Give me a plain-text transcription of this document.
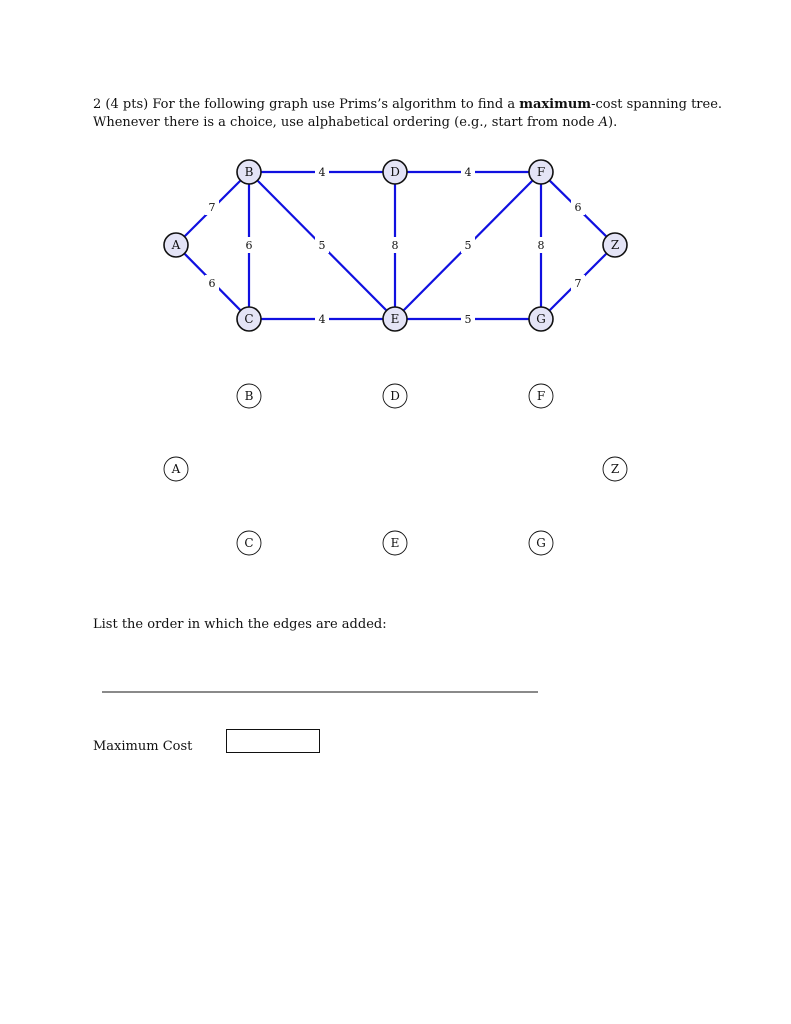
2 (4 pts) For the following graph use Prims’s algorithm to find a maximum-cost spanning tree. Whenever there is a choice, use alphabetical ordering (e.g., start from node A).
7
6
6
4
5
4
8
4
5
5
8
6
7
A
B
C
D
E
F
G
Z
A
B
C
D
E
F
G
Z
List the order in which the edges are added:
Maximum Cost
